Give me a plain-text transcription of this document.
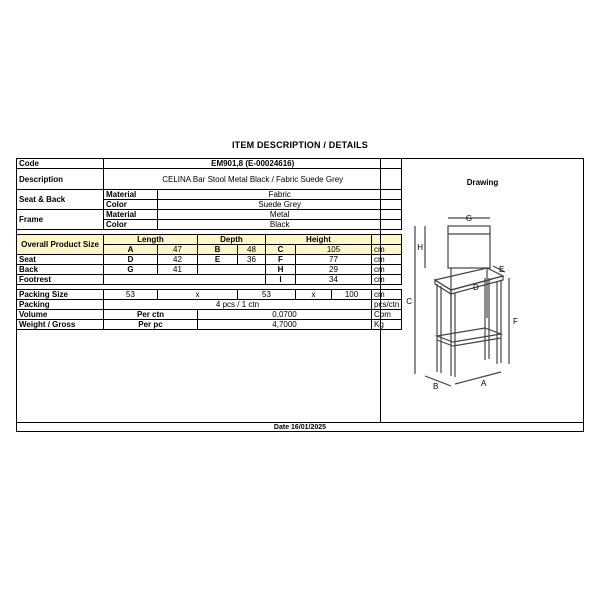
ITEM DESCRIPTION / DETAILS
Code	EM901,8 (E-00024616)							
Description	CELINA Bar Stool Metal Black / Fabric Suede Grey							
Seat & Back	Material	Fabric						
	Color	Suede Grey						
Frame	Material	Metal						
	Color	Black						

Overall Product Size	Length		Depth		Height			
	A	47	B	48	C	105		cm
Seat	D	42	E	36	F	77		cm
Back	G	41			H	29		cm
Footrest					I	34		cm

Packing Size	53	x		53		x	100	cm
Packing	4 pcs / 1 ctn							pcs/ctn
Volume	Per ctn		0,0700					Cbm
Weight / Gross	Per pc		4,7000					Kg
Drawing
G
H
E
C
D
F
B	A
Date 16/01/2025
